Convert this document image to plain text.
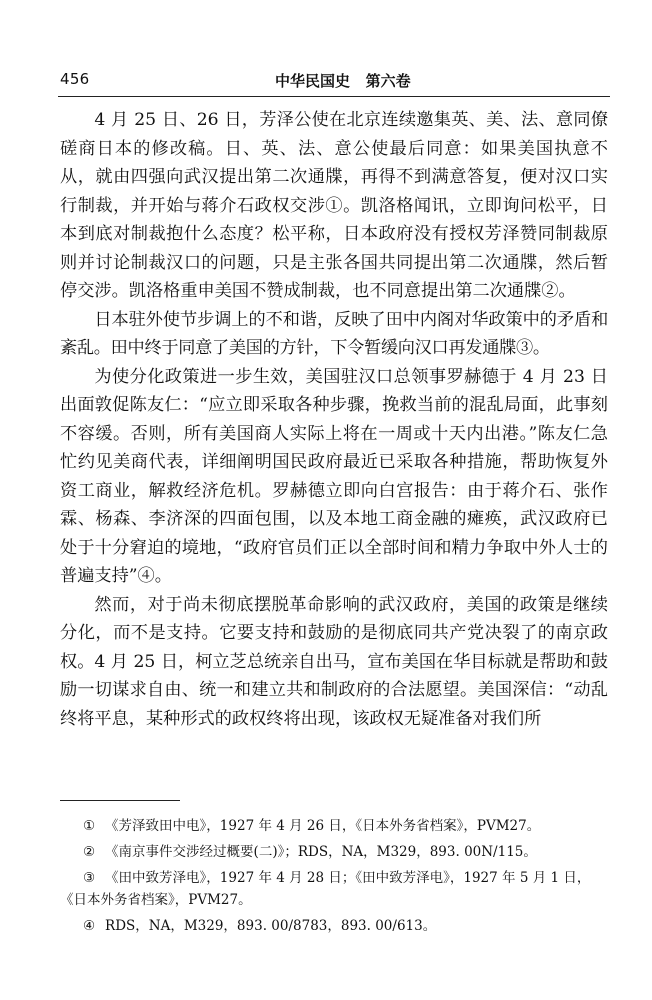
456	中华民国史   第六卷

4 月 25 日、26 日，芳泽公使在北京连续邀集英、美、法、意同僚磋商日本的修改稿。日、英、法、意公使最后同意：如果美国执意不从，就由四强向武汉提出第二次通牒，再得不到满意答复，便对汉口实行制裁，并开始与蒋介石政权交涉①。凯洛格闻讯，立即询问松平，日本到底对制裁抱什么态度？松平称，日本政府没有授权芳泽赞同制裁原则并讨论制裁汉口的问题，只是主张各国共同提出第二次通牒，然后暂停交涉。凯洛格重申美国不赞成制裁，也不同意提出第二次通牒②。

日本驻外使节步调上的不和谐，反映了田中内阁对华政策中的矛盾和紊乱。田中终于同意了美国的方针，下令暂缓向汉口再发通牒③。

为使分化政策进一步生效，美国驻汉口总领事罗赫德于 4 月 23 日出面敦促陈友仁：“应立即采取各种步骤，挽救当前的混乱局面，此事刻不容缓。否则，所有美国商人实际上将在一周或十天内出港。”陈友仁急忙约见美商代表，详细阐明国民政府最近已采取各种措施，帮助恢复外资工商业，解救经济危机。罗赫德立即向白宫报告：由于蒋介石、张作霖、杨森、李济深的四面包围，以及本地工商金融的瘫痪，武汉政府已处于十分窘迫的境地，“政府官员们正以全部时间和精力争取中外人士的普遍支持”④。

然而，对于尚未彻底摆脱革命影响的武汉政府，美国的政策是继续分化，而不是支持。它要支持和鼓励的是彻底同共产党决裂了的南京政权。4 月 25 日，柯立芝总统亲自出马，宣布美国在华目标就是帮助和鼓励一切谋求自由、统一和建立共和制政府的合法愿望。美国深信：“动乱终将平息，某种形式的政权终将出现，该政权无疑准备对我们所

① 《芳泽致田中电》，1927 年 4 月 26 日，《日本外务省档案》，PVM27。

② 《南京事件交涉经过概要(二)》；RDS，NA，M329，893. 00N/115。

③ 《田中致芳泽电》，1927 年 4 月 28 日；《田中致芳泽电》，1927 年 5 月 1 日，《日本外务省档案》，PVM27。

④ RDS，NA，M329，893. 00/8783，893. 00/613。
